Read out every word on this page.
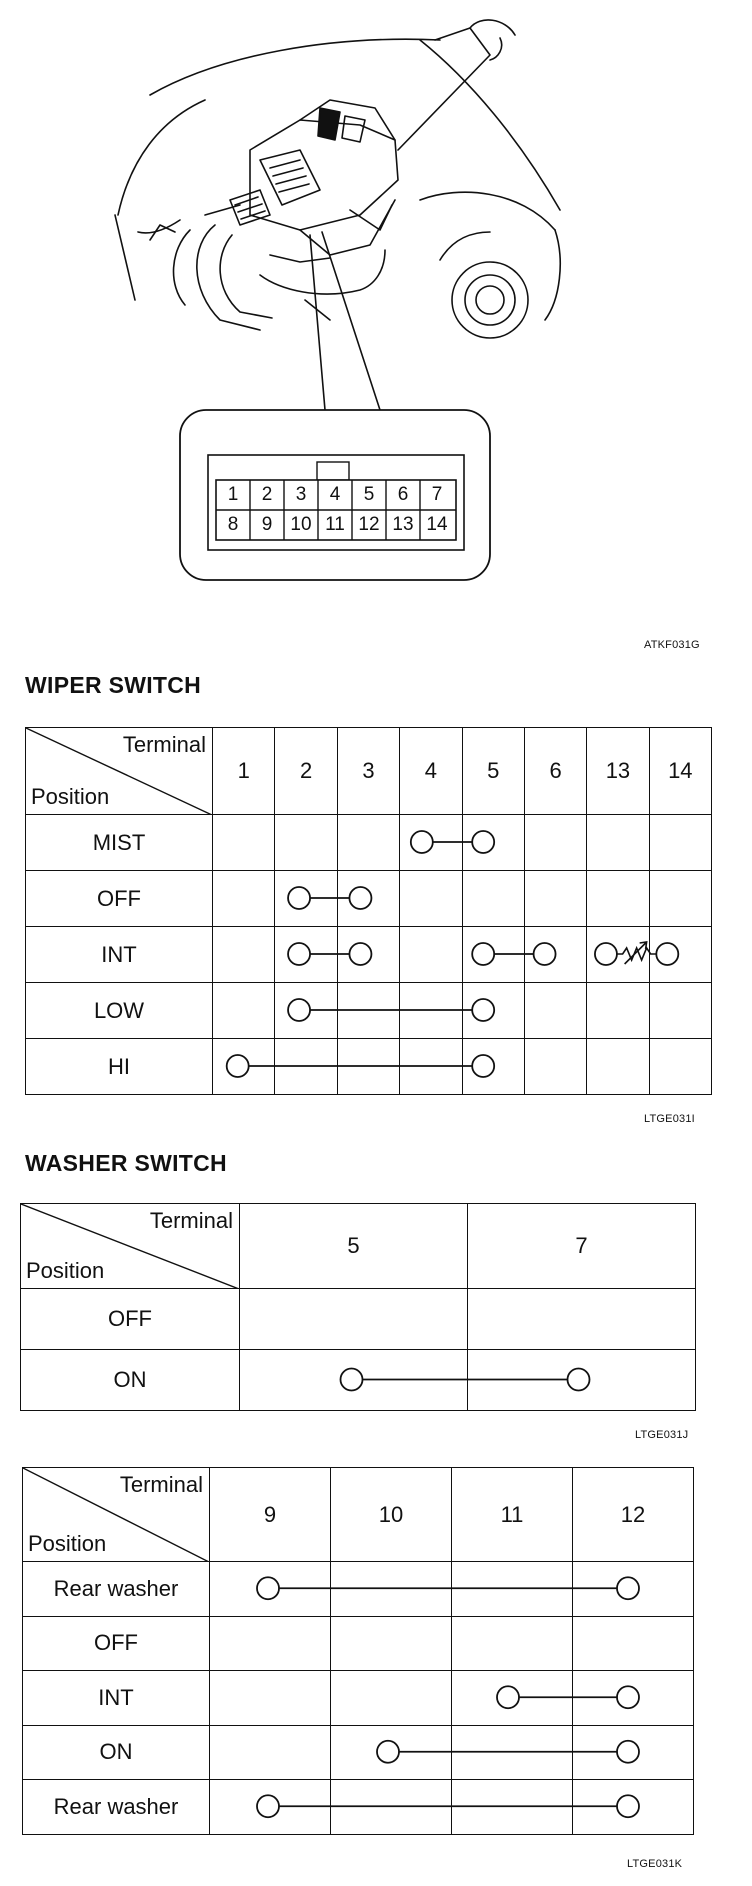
1	2	3	4	5	6	7
8	9 10 11 12 13 14
ATKF031G
WIPER SWITCH
Terminal
Position	1	2	3	4	5	6	13	14
MIST								
OFF								
INT								
LOW								
HI								
LTGE031I
WASHER SWITCH
Terminal
Position	5	7
OFF		
ON		
LTGE031J
Terminal
Position	9	10	11	12
Rear washer				
OFF				
INT				
ON				
Rear washer				
LTGE031K
